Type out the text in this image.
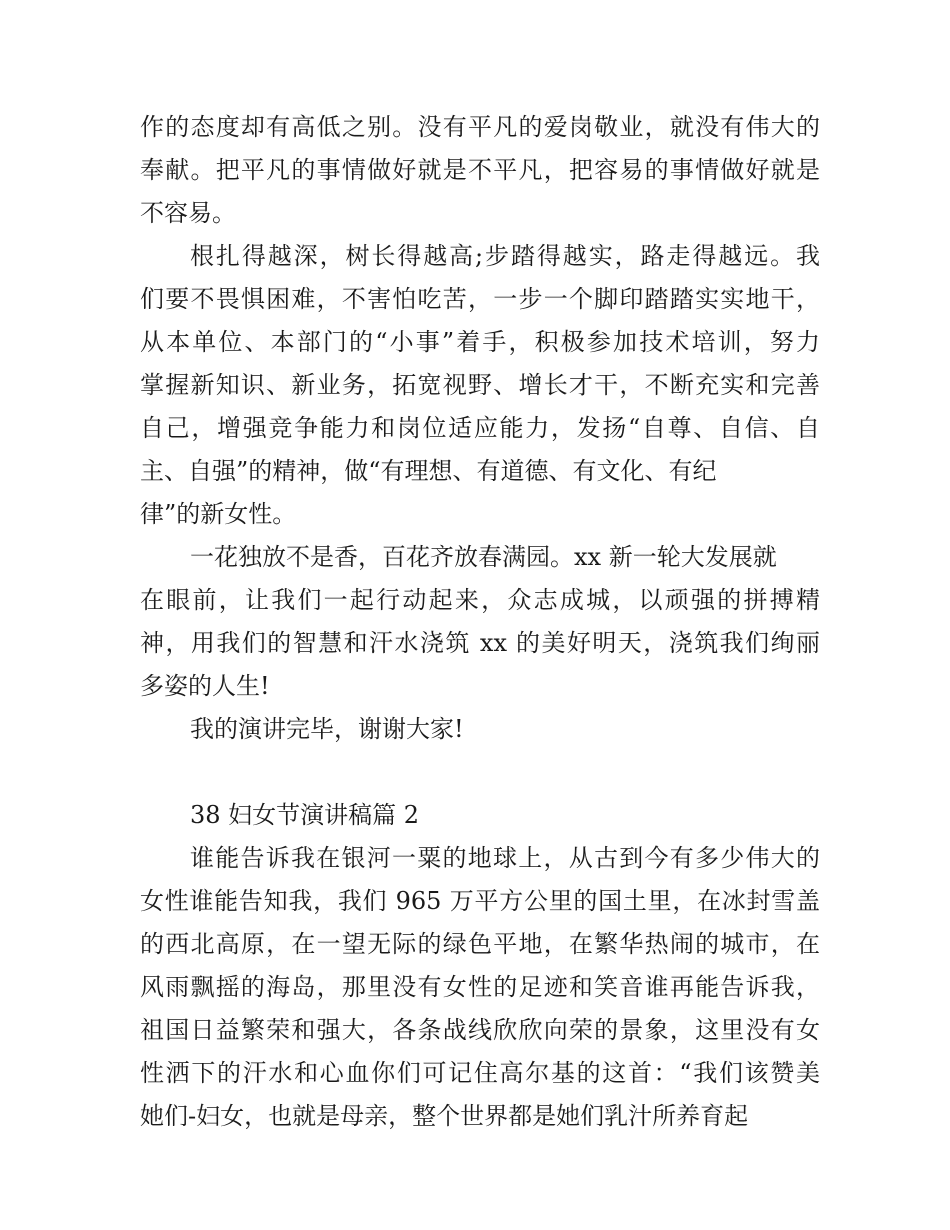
作的态度却有高低之别。没有平凡的爱岗敬业，就没有伟大的
奉献。把平凡的事情做好就是不平凡，把容易的事情做好就是
不容易。
根扎得越深，树长得越高;步踏得越实，路走得越远。我
们要不畏惧困难，不害怕吃苦，一步一个脚印踏踏实实地干，
从本单位、本部门的“小事”着手，积极参加技术培训，努力
掌握新知识、新业务，拓宽视野、增长才干，不断充实和完善
自己，增强竞争能力和岗位适应能力，发扬“自尊、自信、自
主、自强”的精神，做“有理想、有道德、有文化、有纪
律”的新女性。
一花独放不是香，百花齐放春满园。xx 新一轮大发展就
在眼前，让我们一起行动起来，众志成城，以顽强的拼搏精
神，用我们的智慧和汗水浇筑 xx 的美好明天，浇筑我们绚丽
多姿的人生!
我的演讲完毕，谢谢大家!
38 妇女节演讲稿篇 2
谁能告诉我在银河一粟的地球上，从古到今有多少伟大的
女性谁能告知我，我们 965 万平方公里的国土里，在冰封雪盖
的西北高原，在一望无际的绿色平地，在繁华热闹的城市，在
风雨飘摇的海岛，那里没有女性的足迹和笑音谁再能告诉我，
祖国日益繁荣和强大，各条战线欣欣向荣的景象，这里没有女
性洒下的汗水和心血你们可记住高尔基的这首：“我们该赞美
她们-妇女，也就是母亲，整个世界都是她们乳汁所养育起
